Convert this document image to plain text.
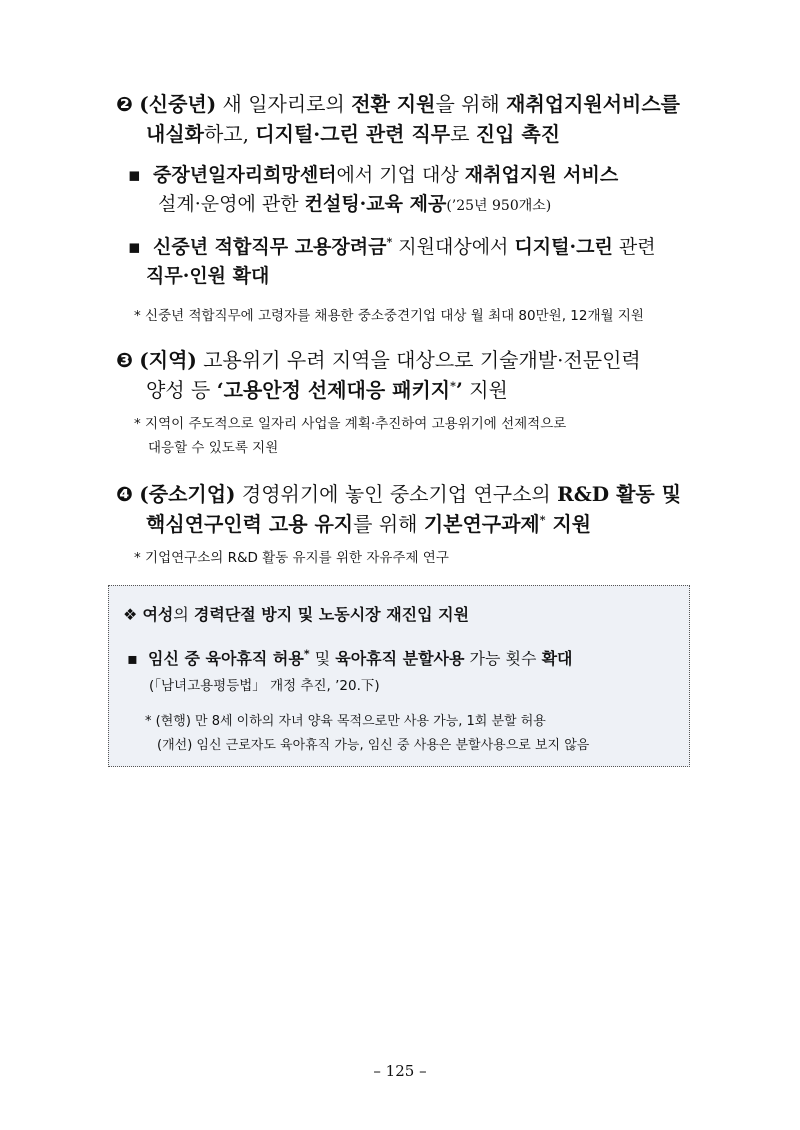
❷ (신중년) 새 일자리로의 전환 지원을 위해 재취업지원서비스를
내실화하고, 디지털·그린 관련 직무로 진입 촉진
▪ 중장년일자리희망센터에서 기업 대상 재취업지원 서비스
설계·운영에 관한 컨설팅·교육 제공(’25년 950개소)
▪ 신중년 적합직무 고용장려금* 지원대상에서 디지털·그린 관련
직무·인원 확대
* 신중년 적합직무에 고령자를 채용한 중소중견기업 대상 월 최대 80만원, 12개월 지원
❸ (지역) 고용위기 우려 지역을 대상으로 기술개발·전문인력
양성 등 ‘고용안정 선제대응 패키지*’ 지원
* 지역이 주도적으로 일자리 사업을 계획·추진하여 고용위기에 선제적으로
대응할 수 있도록 지원
❹ (중소기업) 경영위기에 놓인 중소기업 연구소의 R&D 활동 및
핵심연구인력 고용 유지를 위해 기본연구과제* 지원
* 기업연구소의 R&D 활동 유지를 위한 자유주제 연구
❖ 여성의 경력단절 방지 및 노동시장 재진입 지원
▪ 임신 중 육아휴직 허용* 및 육아휴직 분할사용 가능 횟수 확대
(「남녀고용평등법」 개정 추진, ’20.下)
* (현행) 만 8세 이하의 자녀 양육 목적으로만 사용 가능, 1회 분할 허용
(개선) 임신 근로자도 육아휴직 가능, 임신 중 사용은 분할사용으로 보지 않음
– 125 –
